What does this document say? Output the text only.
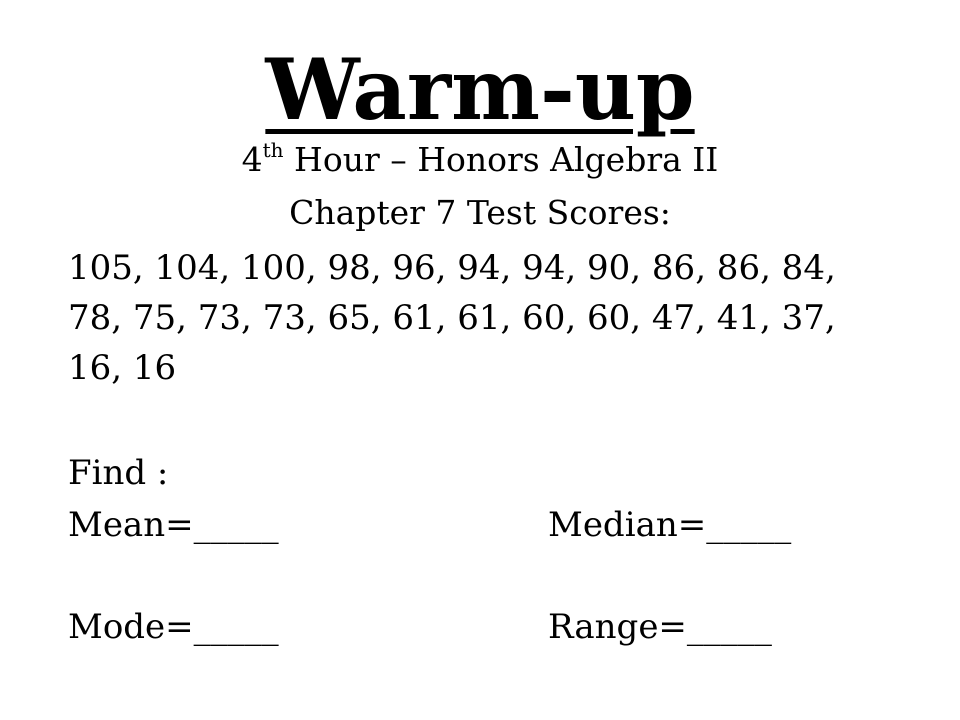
Warm-up
4th Hour – Honors Algebra II
Chapter 7 Test Scores:
105, 104, 100, 98, 96, 94, 94, 90, 86, 86, 84,
78, 75, 73, 73, 65, 61, 61, 60, 60, 47, 41, 37,
16, 16
Find :
Mean=_____	Median=_____
Mode=_____	Range=_____
